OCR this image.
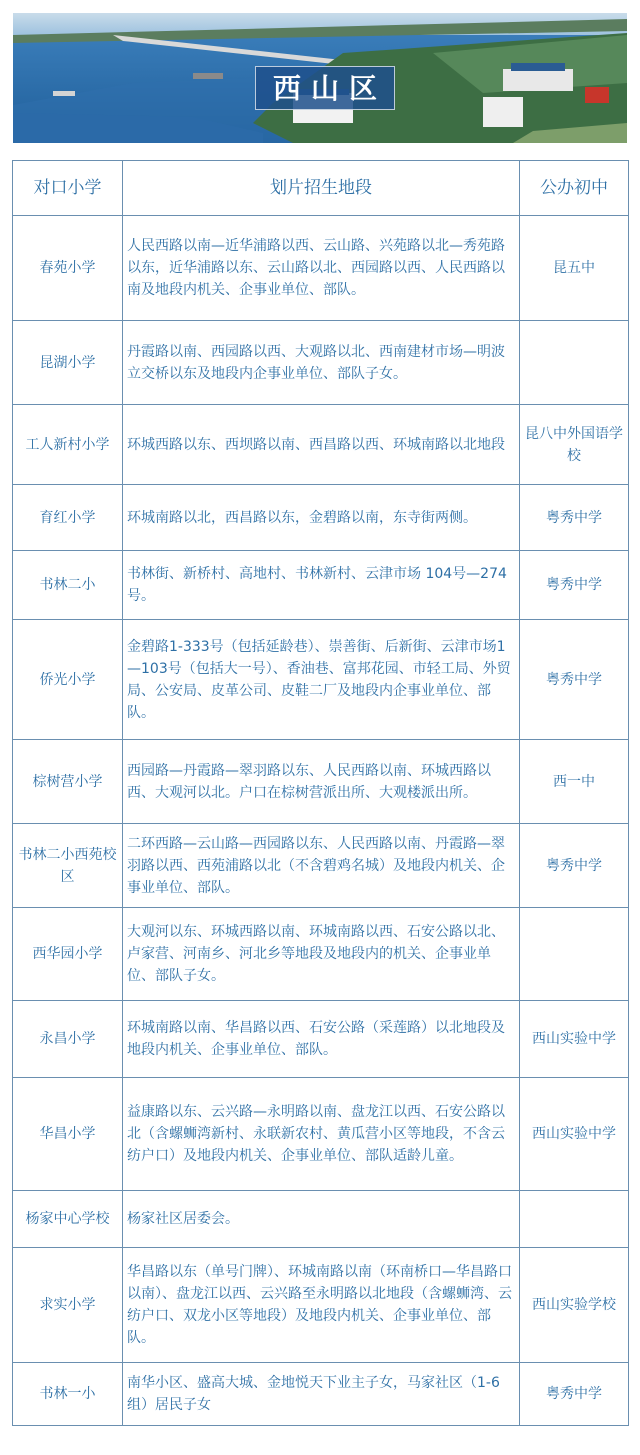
西山区
对口小学	划片招生地段	公办初中
春苑小学	人民西路以南—近华浦路以西、云山路、兴苑路以北—秀苑路以东，近华浦路以东、云山路以北、西园路以西、人民西路以南及地段内机关、企事业单位、部队。	昆五中
昆湖小学	丹霞路以南、西园路以西、大观路以北、西南建材市场—明波立交桥以东及地段内企事业单位、部队子女。	
工人新村小学	环城西路以东、西坝路以南、西昌路以西、环城南路以北地段	昆八中外国语学校
育红小学	环城南路以北，西昌路以东，金碧路以南，东寺街两侧。	粤秀中学
书林二小	书林街、新桥村、高地村、书林新村、云津市场 104号—274号。	粤秀中学
侨光小学	金碧路1-333号（包括延龄巷）、崇善街、后新街、云津市场1—103号（包括大一号）、香油巷、富邦花园、市轻工局、外贸局、公安局、皮革公司、皮鞋二厂及地段内企事业单位、部队。	粤秀中学
棕树营小学	西园路—丹霞路—翠羽路以东、人民西路以南、环城西路以西、大观河以北。户口在棕树营派出所、大观楼派出所。	西一中
书林二小西苑校区	二环西路—云山路—西园路以东、人民西路以南、丹霞路—翠羽路以西、西苑浦路以北（不含碧鸡名城）及地段内机关、企事业单位、部队。	粤秀中学
西华园小学	大观河以东、环城西路以南、环城南路以西、石安公路以北、卢家营、河南乡、河北乡等地段及地段内的机关、企事业单位、部队子女。	
永昌小学	环城南路以南、华昌路以西、石安公路（采莲路）以北地段及地段内机关、企事业单位、部队。	西山实验中学
华昌小学	益康路以东、云兴路—永明路以南、盘龙江以西、石安公路以北（含螺蛳湾新村、永联新农村、黄瓜营小区等地段，不含云纺户口）及地段内机关、企事业单位、部队适龄儿童。	西山实验中学
杨家中心学校	杨家社区居委会。	
求实小学	华昌路以东（单号门牌）、环城南路以南（环南桥口—华昌路口以南）、盘龙江以西、云兴路至永明路以北地段（含螺蛳湾、云纺户口、双龙小区等地段）及地段内机关、企事业单位、部队。	西山实验学校
书林一小	南华小区、盛高大城、金地悦天下业主子女，马家社区（1-6组）居民子女	粤秀中学
